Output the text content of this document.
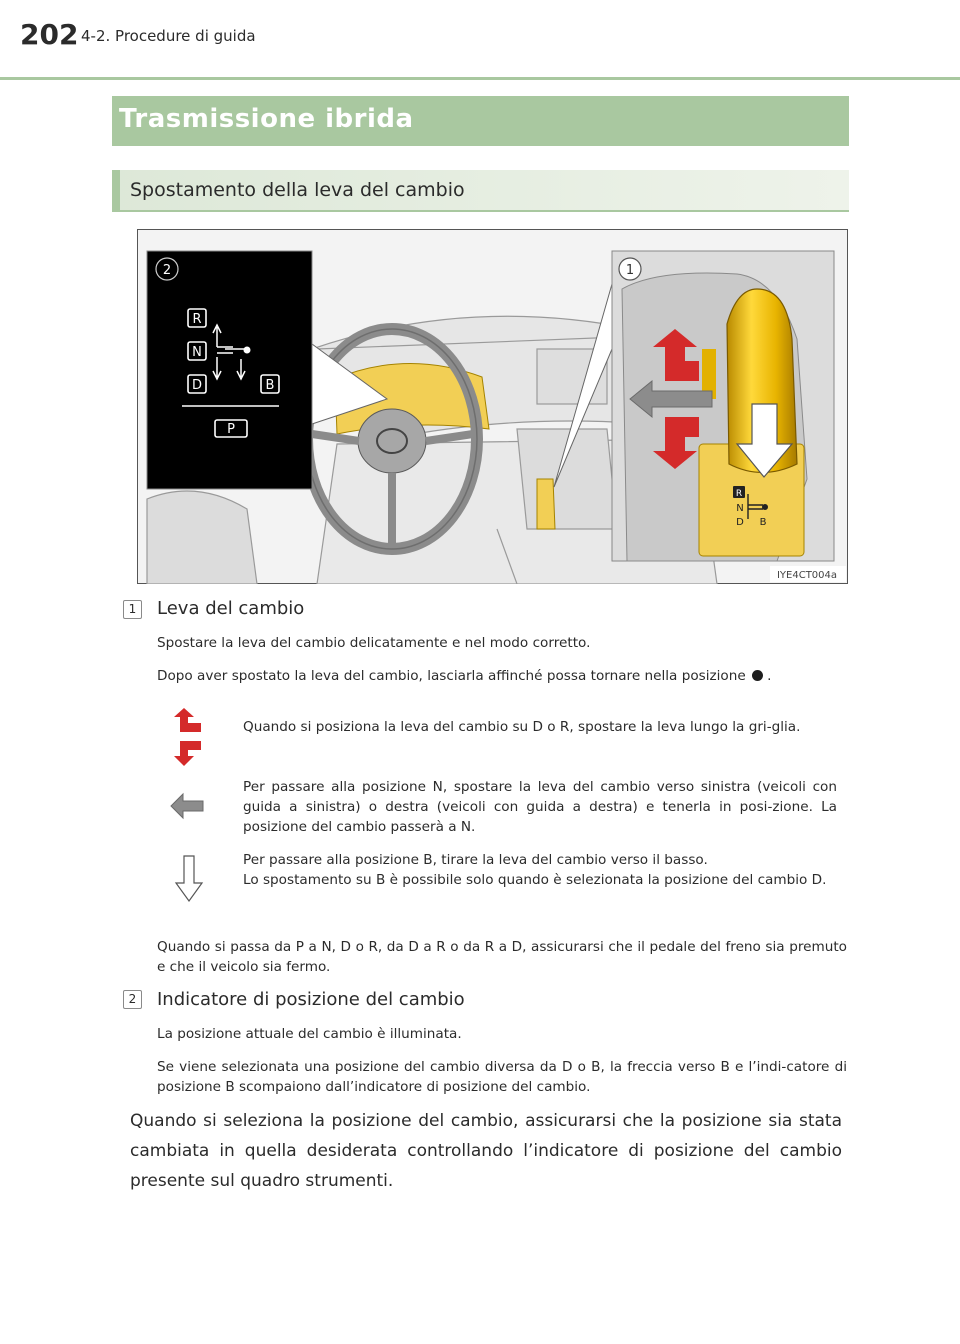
202 4-2. Procedure di guida
Trasmissione ibrida
Spostamento della leva del cambio
R
N
D	B
P
2
R
N
D B
1
IYE4CT004a
1	Leva del cambio
Spostare la leva del cambio delicatamente e nel modo corretto.
Dopo aver spostato la leva del cambio, lasciarla affinché possa tornare nella posizione .
Quando si posiziona la leva del cambio su D o R, spostare la leva lungo la gri-glia.
Per passare alla posizione N, spostare la leva del cambio verso sinistra (veicoli con guida a sinistra) o destra (veicoli con guida a destra) e tenerla in posi-zione. La posizione del cambio passerà a N.
Per passare alla posizione B, tirare la leva del cambio verso il basso.
Lo spostamento su B è possibile solo quando è selezionata la posizione del cambio D.
Quando si passa da P a N, D o R, da D a R o da R a D, assicurarsi che il pedale del freno sia premuto e che il veicolo sia fermo.
2	Indicatore di posizione del cambio
La posizione attuale del cambio è illuminata.
Se viene selezionata una posizione del cambio diversa da D o B, la freccia verso B e l’indi-catore di posizione B scompaiono dall’indicatore di posizione del cambio.
Quando si seleziona la posizione del cambio, assicurarsi che la posizione sia stata cambiata in quella desiderata controllando l’indicatore di posizione del cambio presente sul quadro strumenti.
